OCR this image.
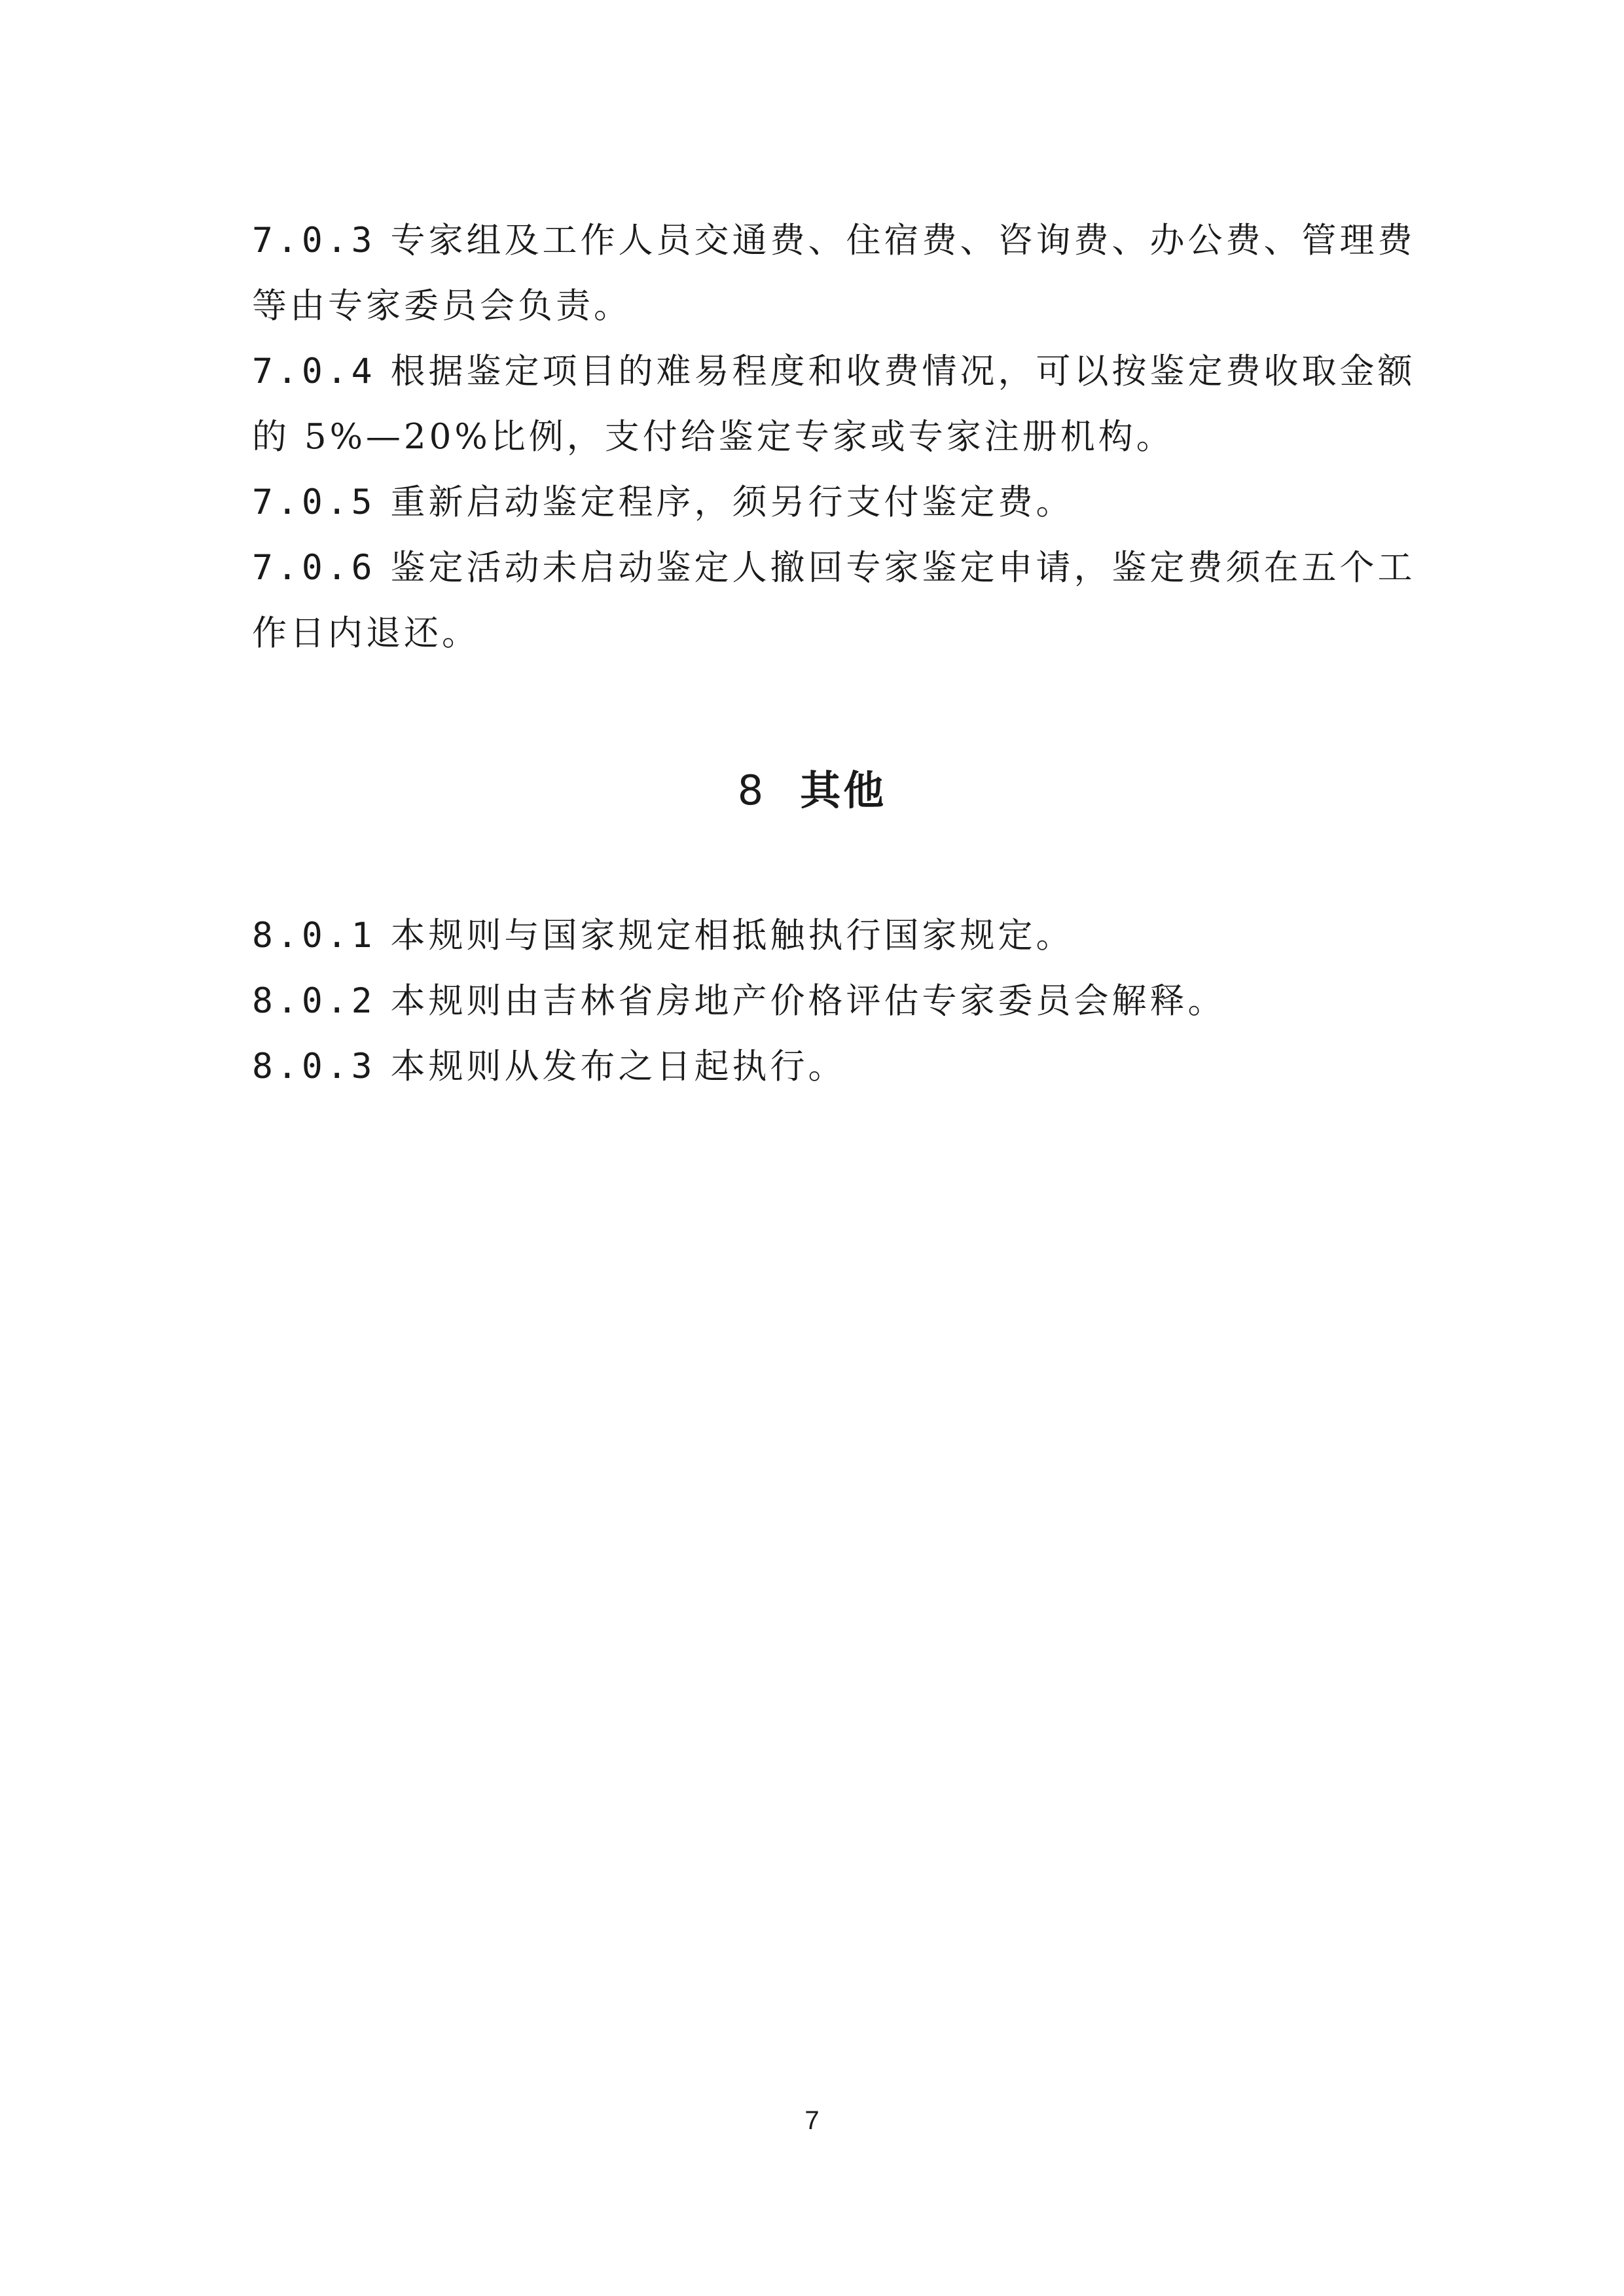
7.0.3 专家组及工作人员交通费、住宿费、咨询费、办公费、管理费
等由专家委员会负责。
7.0.4 根据鉴定项目的难易程度和收费情况，可以按鉴定费收取金额
的 5%—20%比例，支付给鉴定专家或专家注册机构。
7.0.5 重新启动鉴定程序，须另行支付鉴定费。
7.0.6 鉴定活动未启动鉴定人撤回专家鉴定申请，鉴定费须在五个工
作日内退还。
8 其他
8.0.1 本规则与国家规定相抵触执行国家规定。
8.0.2 本规则由吉林省房地产价格评估专家委员会解释。
8.0.3 本规则从发布之日起执行。
7
